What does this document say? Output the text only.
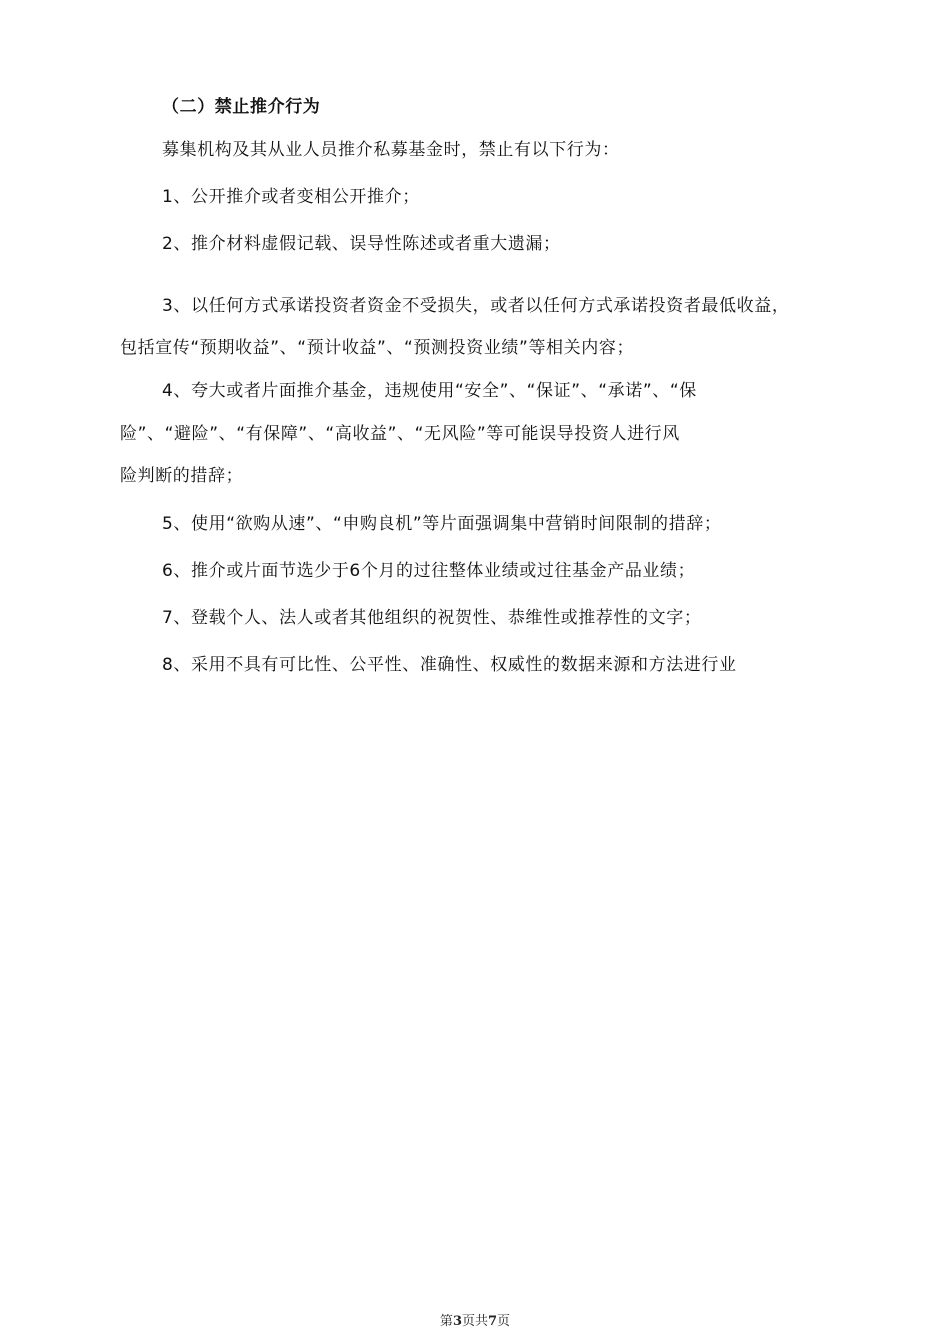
（二）禁止推介行为

募集机构及其从业人员推介私募基金时，禁止有以下行为：

1、公开推介或者变相公开推介；

2、推介材料虚假记载、误导性陈述或者重大遗漏；

3、以任何方式承诺投资者资金不受损失，或者以任何方式承诺投资者最低收益，

包括宣传“预期收益”、“预计收益”、“预测投资业绩”等相关内容；

4、夸大或者片面推介基金，违规使用“安全”、“保证”、“承诺”、“保

险”、“避险”、“有保障”、“高收益”、“无风险”等可能误导投资人进行风

险判断的措辞；

5、使用“欲购从速”、“申购良机”等片面强调集中营销时间限制的措辞；

6、推介或片面节选少于6个月的过往整体业绩或过往基金产品业绩；

7、登载个人、法人或者其他组织的祝贺性、恭维性或推荐性的文字；

8、采用不具有可比性、公平性、准确性、权威性的数据来源和方法进行业

第3页共7页
